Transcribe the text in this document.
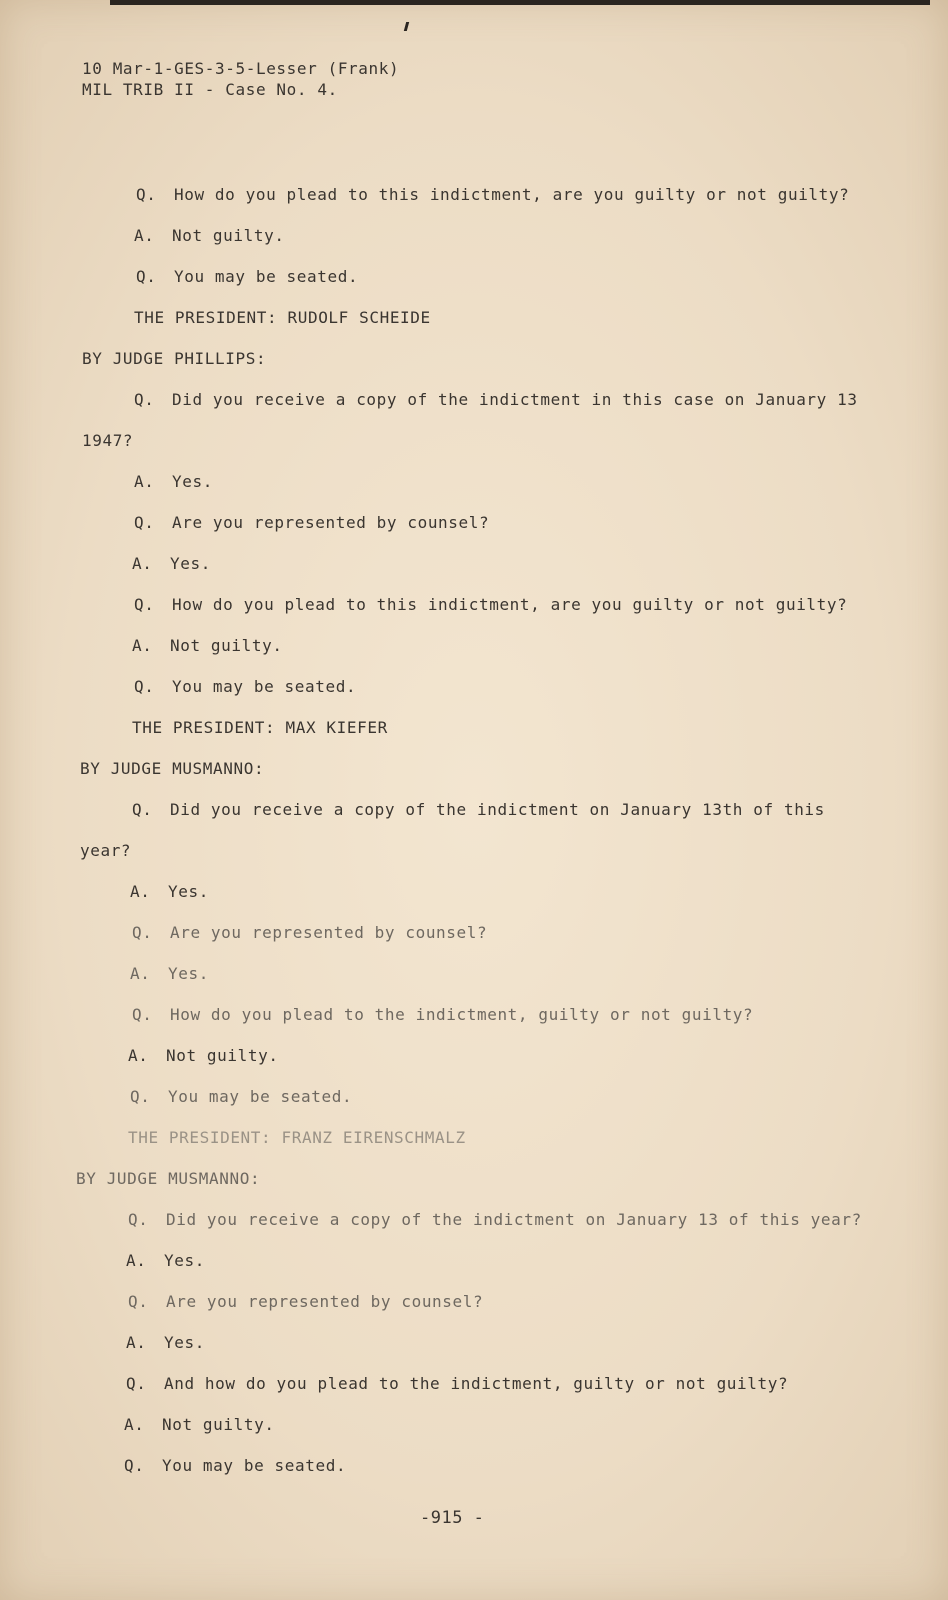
10 Mar-1-GES-3-5-Lesser (Frank)
MIL TRIB II - Case No. 4.
Q. How do you plead to this indictment, are you guilty or not guilty?
A. Not guilty.
Q. You may be seated.
THE PRESIDENT: RUDOLF SCHEIDE
BY JUDGE PHILLIPS:
Q. Did you receive a copy of the indictment in this case on January 13
1947?
A. Yes.
Q. Are you represented by counsel?
A. Yes.
Q. How do you plead to this indictment, are you guilty or not guilty?
A. Not guilty.
Q. You may be seated.
THE PRESIDENT: MAX KIEFER
BY JUDGE MUSMANNO:
Q. Did you receive a copy of the indictment on January 13th of this
year?
A. Yes.
Q. Are you represented by counsel?
A. Yes.
Q. How do you plead to the indictment, guilty or not guilty?
A. Not guilty.
Q. You may be seated.
THE PRESIDENT: FRANZ EIRENSCHMALZ
BY JUDGE MUSMANNO:
Q. Did you receive a copy of the indictment on January 13 of this year?
A. Yes.
Q. Are you represented by counsel?
A. Yes.
Q. And how do you plead to the indictment, guilty or not guilty?
A. Not guilty.
Q. You may be seated.
-915 -
